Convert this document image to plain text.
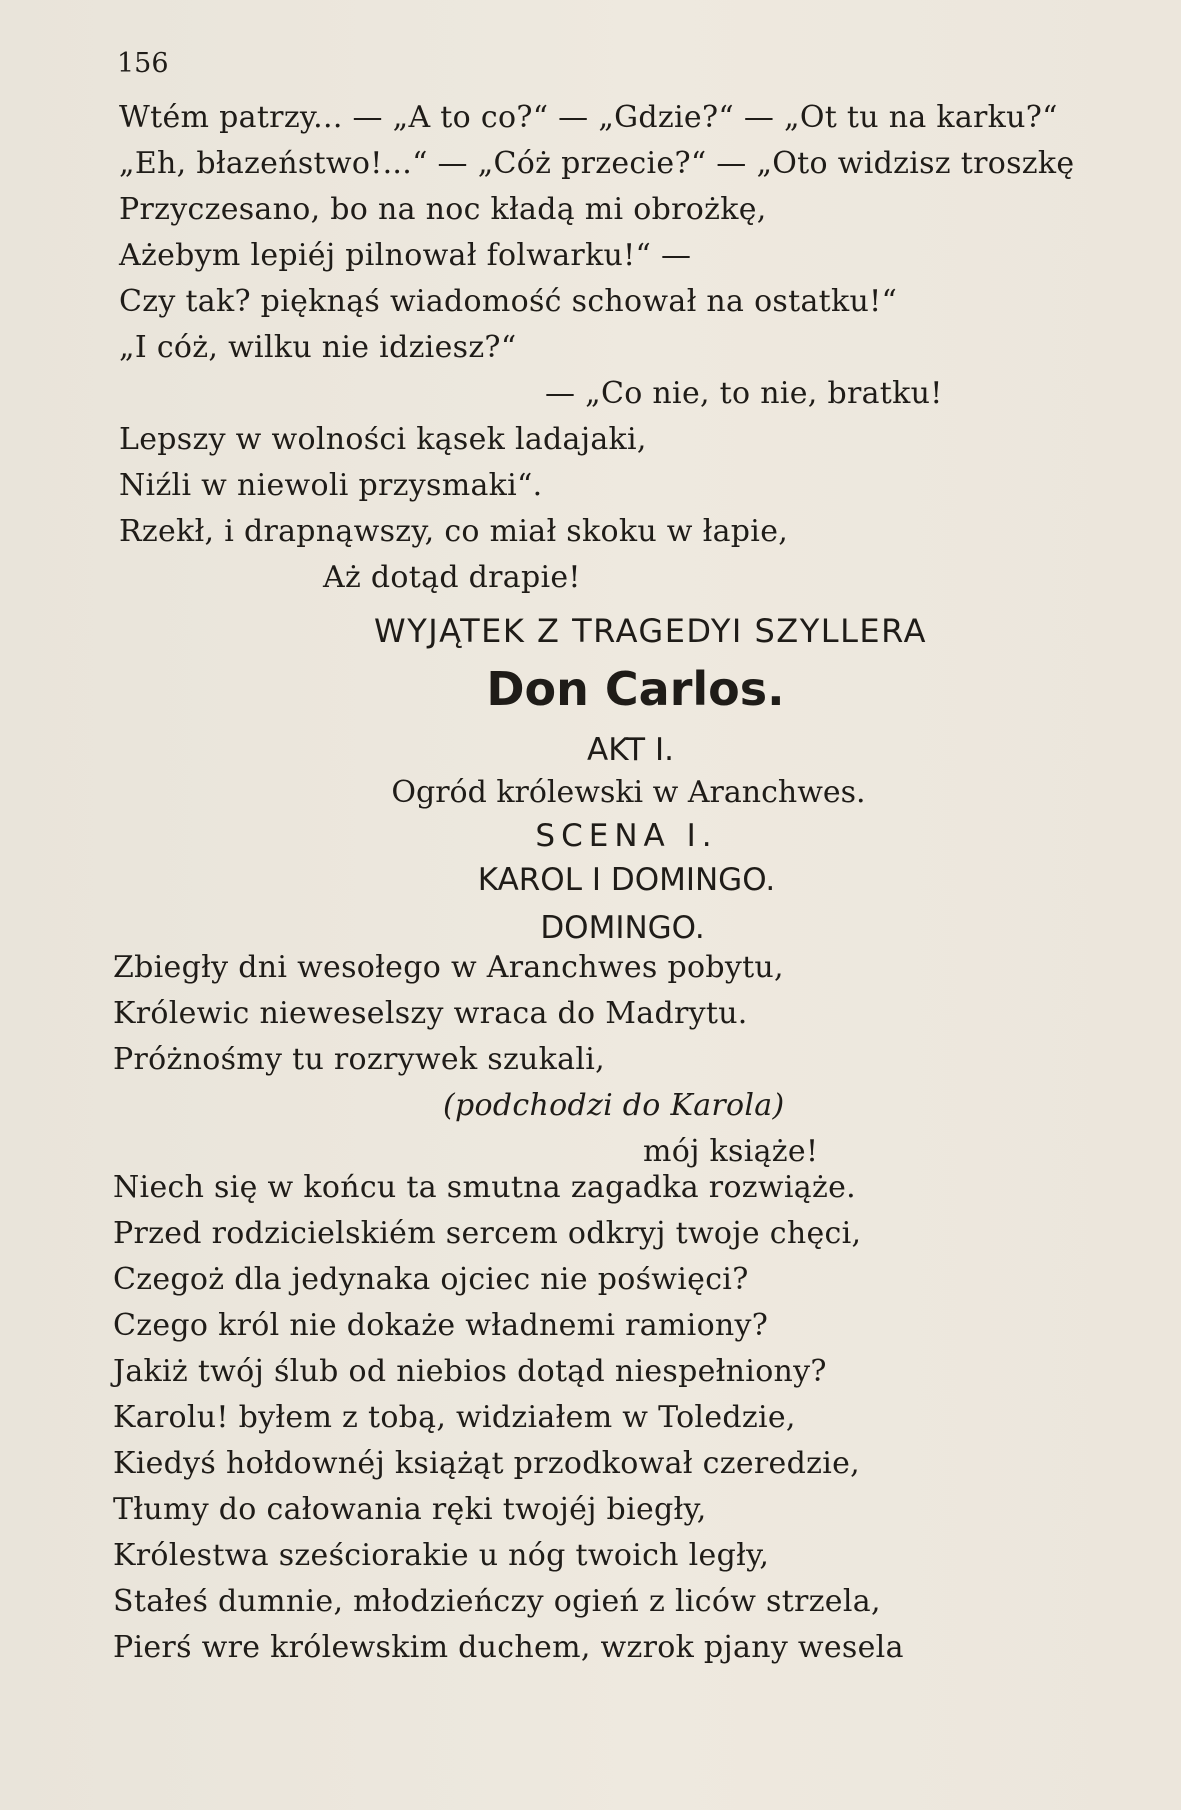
156
Wtém patrzy... — „A to co?“ — „Gdzie?“ — „Ot tu na karku?“
„Eh, błazeństwo!...“ — „Cóż przecie?“ — „Oto widzisz troszkę
Przyczesano, bo na noc kładą mi obrożkę,
Ażebym lepiéj pilnował folwarku!“ —
Czy tak? pięknąś wiadomość schował na ostatku!“
„I cóż, wilku nie idziesz?“
— „Co nie, to nie, bratku!
Lepszy w wolności kąsek ladajaki,
Niźli w niewoli przysmaki“.
Rzekł, i drapnąwszy, co miał skoku w łapie,
Aż dotąd drapie!
WYJĄTEK Z TRAGEDYI SZYLLERA
Don Carlos.
AKT I.
Ogród królewski w Aranchwes.
SCENA I.
KAROL I DOMINGO.
DOMINGO.
Zbiegły dni wesołego w Aranchwes pobytu,
Królewic nieweselszy wraca do Madrytu.
Próżnośmy tu rozrywek szukali,
(podchodzi do Karola)
mój książe!
Niech się w końcu ta smutna zagadka rozwiąże.
Przed rodzicielskiém sercem odkryj twoje chęci,
Czegoż dla jedynaka ojciec nie poświęci?
Czego król nie dokaże władnemi ramiony?
Jakiż twój ślub od niebios dotąd niespełniony?
Karolu! byłem z tobą, widziałem w Toledzie,
Kiedyś hołdownéj książąt przodkował czeredzie,
Tłumy do całowania ręki twojéj biegły,
Królestwa sześciorakie u nóg twoich legły,
Stałeś dumnie, młodzieńczy ogień z liców strzela,
Pierś wre królewskim duchem, wzrok pjany wesela
